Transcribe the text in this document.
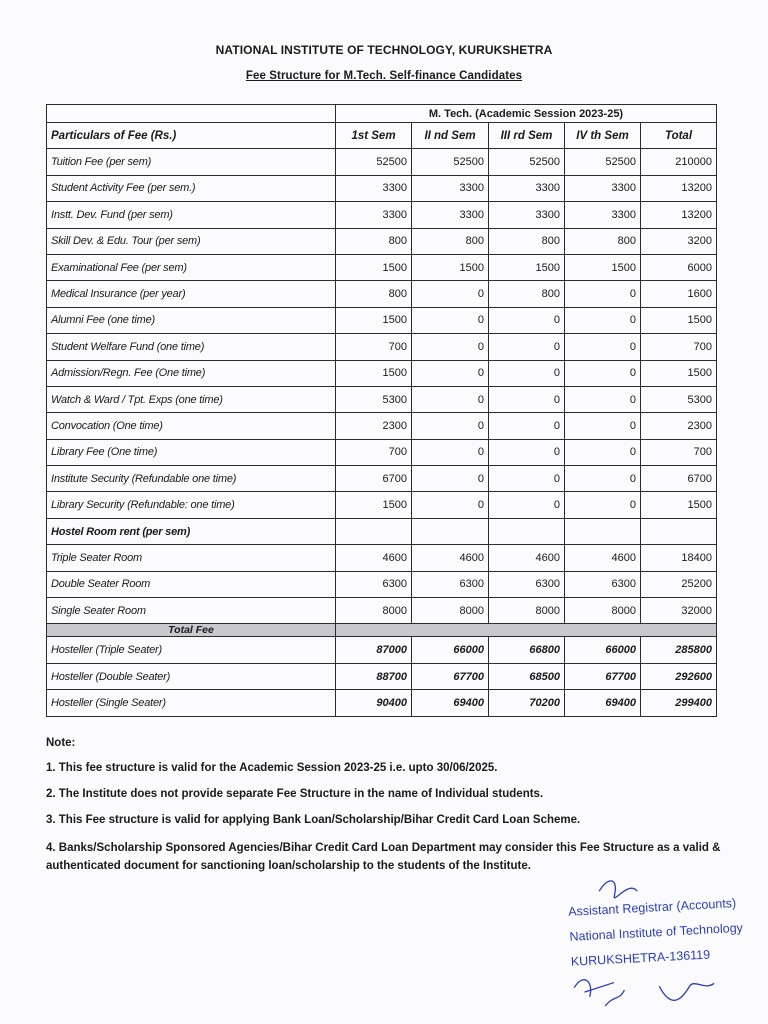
NATIONAL INSTITUTE OF TECHNOLOGY, KURUKSHETRA
Fee Structure for M.Tech. Self-finance Candidates
	M. Tech. (Academic Session 2023-25)				
Particulars of Fee (Rs.)	1st Sem	II nd Sem	III rd Sem	IV th Sem	Total
Tuition Fee (per sem)	52500	52500	52500	52500	210000
Student Activity Fee (per sem.)	3300	3300	3300	3300	13200
Instt. Dev. Fund (per sem)	3300	3300	3300	3300	13200
Skill Dev. & Edu. Tour (per sem)	800	800	800	800	3200
Examinational Fee (per sem)	1500	1500	1500	1500	6000
Medical Insurance (per year)	800	0	800	0	1600
Alumni Fee (one time)	1500	0	0	0	1500
Student Welfare Fund (one time)	700	0	0	0	700
Admission/Regn. Fee (One time)	1500	0	0	0	1500
Watch & Ward / Tpt. Exps (one time)	5300	0	0	0	5300
Convocation (One time)	2300	0	0	0	2300
Library Fee (One time)	700	0	0	0	700
Institute Security (Refundable one time)	6700	0	0	0	6700
Library Security (Refundable: one time)	1500	0	0	0	1500
Hostel Room rent (per sem)					
Triple Seater Room	4600	4600	4600	4600	18400
Double Seater Room	6300	6300	6300	6300	25200
Single Seater Room	8000	8000	8000	8000	32000
Total Fee					
Hosteller (Triple Seater)	87000	66000	66800	66000	285800
Hosteller (Double Seater)	88700	67700	68500	67700	292600
Hosteller (Single Seater)	90400	69400	70200	69400	299400
Note:
1. This fee structure is valid for the Academic Session 2023-25 i.e. upto 30/06/2025.
2. The Institute does not provide separate Fee Structure in the name of Individual students.
3. This Fee structure is valid for applying Bank Loan/Scholarship/Bihar Credit Card Loan Scheme.
4. Banks/Scholarship Sponsored Agencies/Bihar Credit Card Loan Department may consider this Fee Structure as a valid & authenticated document for sanctioning loan/scholarship to the students of the Institute.
Assistant Registrar (Accounts)
National Institute of Technology
KURUKSHETRA-136119
